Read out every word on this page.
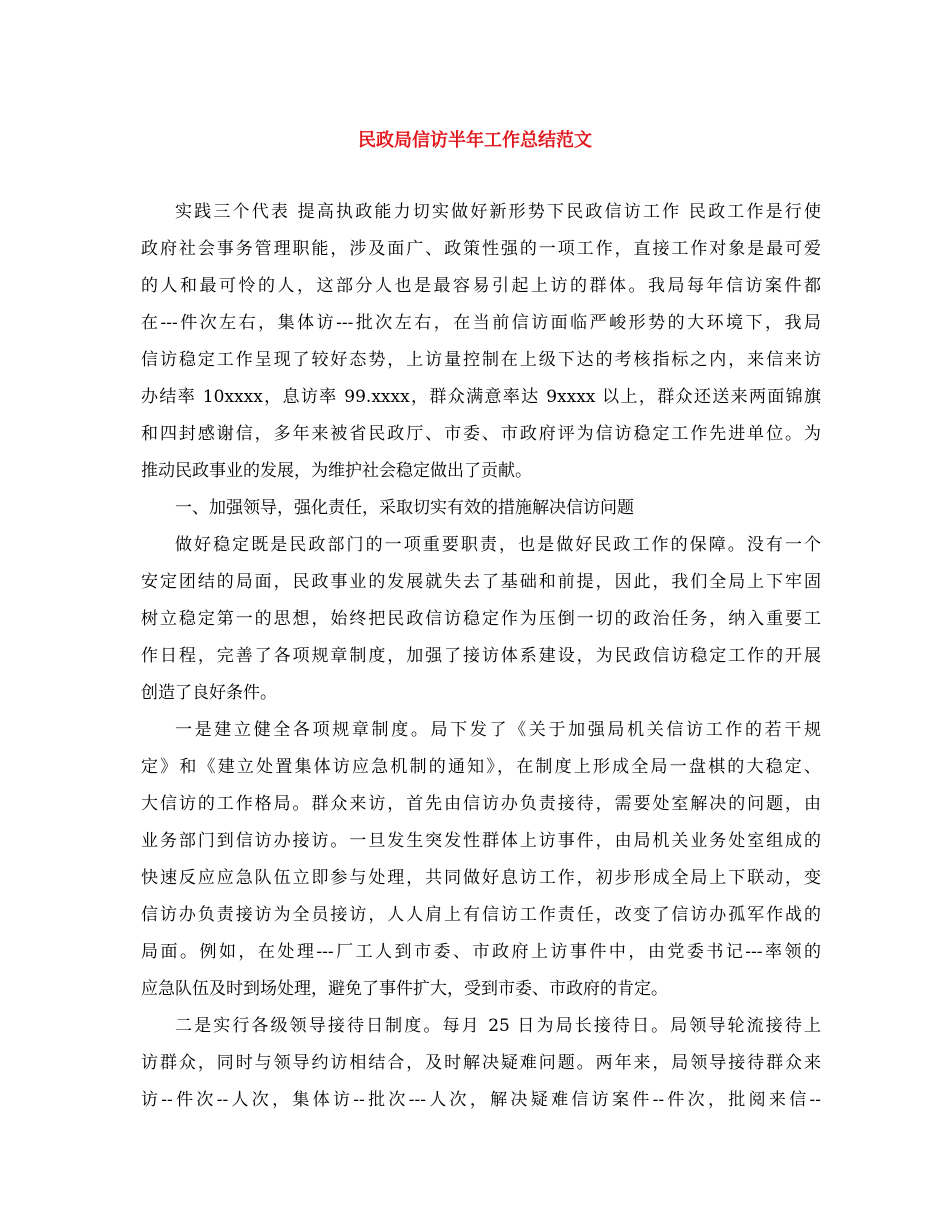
民政局信访半年工作总结范文
实践三个代表 提高执政能力切实做好新形势下民政信访工作 民政工作是行使
政府社会事务管理职能，涉及面广、政策性强的一项工作，直接工作对象是最可爱
的人和最可怜的人，这部分人也是最容易引起上访的群体。我局每年信访案件都
在---件次左右，集体访---批次左右，在当前信访面临严峻形势的大环境下，我局
信访稳定工作呈现了较好态势，上访量控制在上级下达的考核指标之内，来信来访
办结率 10xxxx，息访率 99.xxxx，群众满意率达 9xxxx 以上，群众还送来两面锦旗
和四封感谢信，多年来被省民政厅、市委、市政府评为信访稳定工作先进单位。为
推动民政事业的发展，为维护社会稳定做出了贡献。
一、加强领导，强化责任，采取切实有效的措施解决信访问题
做好稳定既是民政部门的一项重要职责，也是做好民政工作的保障。没有一个
安定团结的局面，民政事业的发展就失去了基础和前提，因此，我们全局上下牢固
树立稳定第一的思想，始终把民政信访稳定作为压倒一切的政治任务，纳入重要工
作日程，完善了各项规章制度，加强了接访体系建设，为民政信访稳定工作的开展
创造了良好条件。
一是建立健全各项规章制度。局下发了《关于加强局机关信访工作的若干规
定》和《建立处置集体访应急机制的通知》，在制度上形成全局一盘棋的大稳定、
大信访的工作格局。群众来访，首先由信访办负责接待，需要处室解决的问题，由
业务部门到信访办接访。一旦发生突发性群体上访事件，由局机关业务处室组成的
快速反应应急队伍立即参与处理，共同做好息访工作，初步形成全局上下联动，变
信访办负责接访为全员接访，人人肩上有信访工作责任，改变了信访办孤军作战的
局面。例如，在处理---厂工人到市委、市政府上访事件中，由党委书记---率领的
应急队伍及时到场处理，避免了事件扩大，受到市委、市政府的肯定。
二是实行各级领导接待日制度。每月 25 日为局长接待日。局领导轮流接待上
访群众，同时与领导约访相结合，及时解决疑难问题。两年来，局领导接待群众来
访--件次--人次，集体访--批次---人次，解决疑难信访案件--件次，批阅来信--
